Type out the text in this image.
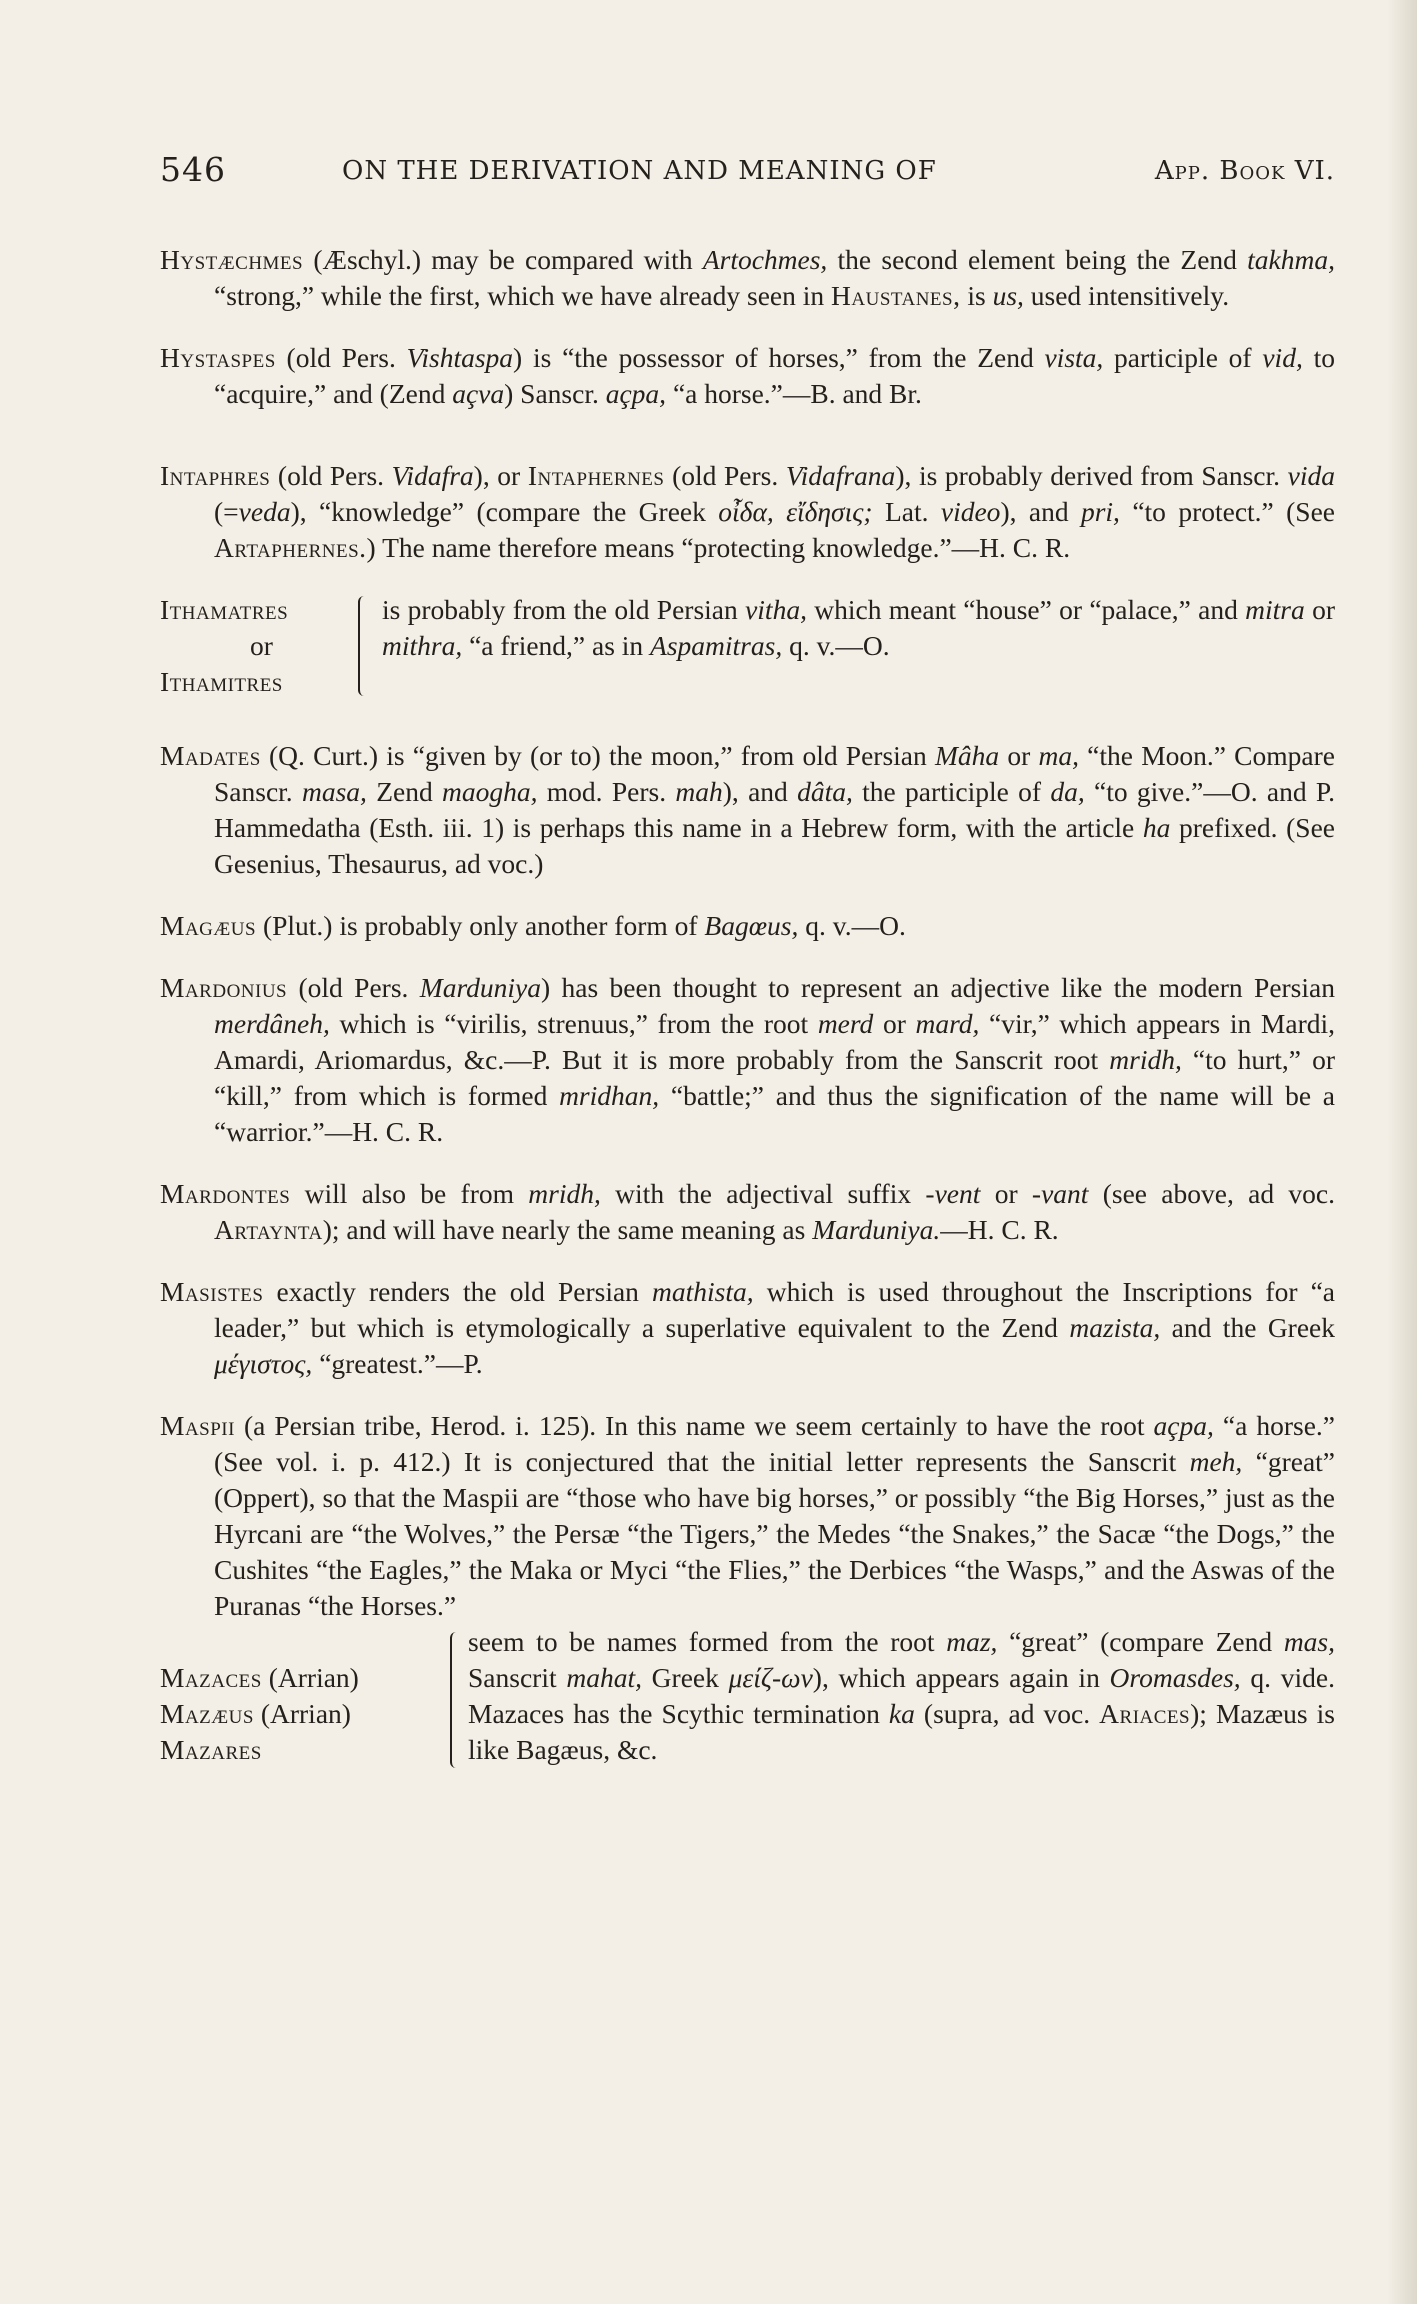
546	ON THE DERIVATION AND MEANING OF	App. Book VI.

Hystæchmes (Æschyl.) may be compared with Artochmes, the second element being the Zend takhma, “strong,” while the first, which we have already seen in Haustanes, is us, used intensitively.

Hystaspes (old Pers. Vishtaspa) is “the possessor of horses,” from the Zend vista, participle of vid, to “acquire,” and (Zend açva) Sanscr. açpa, “a horse.”—B. and Br.

Intaphres (old Pers. Vidafra), or Intaphernes (old Pers. Vidafrana), is probably derived from Sanscr. vida (=veda), “knowledge” (compare the Greek οἶδα, εἴδησις; Lat. video), and pri, “to protect.” (See Artaphernes.) The name therefore means “protecting knowledge.”—H. C. R.

Ithamatres
or
Ithamitres
is probably from the old Persian vitha, which meant “house” or “palace,” and mitra or mithra, “a friend,” as in Aspamitras, q. v.—O.

Madates (Q. Curt.) is “given by (or to) the moon,” from old Persian Mâha or ma, “the Moon.” Compare Sanscr. masa, Zend maogha, mod. Pers. mah), and dâta, the participle of da, “to give.”—O. and P. Hammedatha (Esth. iii. 1) is perhaps this name in a Hebrew form, with the article ha prefixed. (See Gesenius, Thesaurus, ad voc.)

Magæus (Plut.) is probably only another form of Bagœus, q. v.—O.

Mardonius (old Pers. Marduniya) has been thought to represent an adjective like the modern Persian merdâneh, which is “virilis, strenuus,” from the root merd or mard, “vir,” which appears in Mardi, Amardi, Ariomardus, &c.—P. But it is more probably from the Sanscrit root mridh, “to hurt,” or “kill,” from which is formed mridhan, “battle;” and thus the signification of the name will be a “warrior.”—H. C. R.

Mardontes will also be from mridh, with the adjectival suffix -vent or -vant (see above, ad voc. Artaynta); and will have nearly the same meaning as Marduniya.—H. C. R.

Masistes exactly renders the old Persian mathista, which is used throughout the Inscriptions for “a leader,” but which is etymologically a superlative equivalent to the Zend mazista, and the Greek μέγιστος, “greatest.”—P.

Maspii (a Persian tribe, Herod. i. 125). In this name we seem certainly to have the root açpa, “a horse.” (See vol. i. p. 412.) It is conjectured that the initial letter represents the Sanscrit meh, “great” (Oppert), so that the Maspii are “those who have big horses,” or possibly “the Big Horses,” just as the Hyrcani are “the Wolves,” the Persæ “the Tigers,” the Medes “the Snakes,” the Sacæ “the Dogs,” the Cushites “the Eagles,” the Maka or Myci “the Flies,” the Derbices “the Wasps,” and the Aswas of the Puranas “the Horses.”

Mazaces (Arrian)
Mazæus (Arrian)
Mazares
seem to be names formed from the root maz, “great” (compare Zend mas, Sanscrit mahat, Greek μείζ-ων), which appears again in Oromasdes, q. vide. Mazaces has the Scythic termination ka (supra, ad voc. Ariaces); Mazæus is like Bagæus, &c.
